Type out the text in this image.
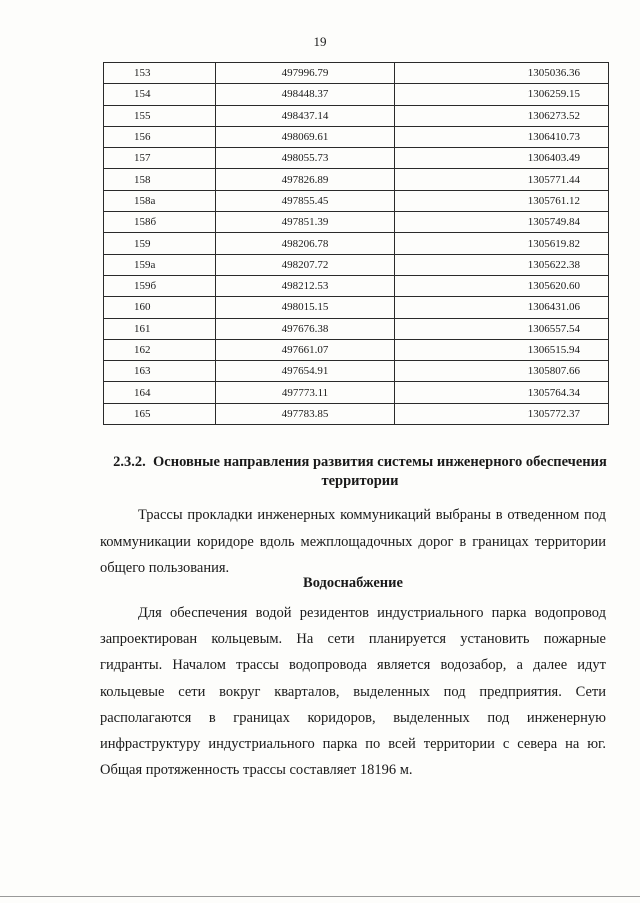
19
153	497996.79	1305036.36
154	498448.37	1306259.15
155	498437.14	1306273.52
156	498069.61	1306410.73
157	498055.73	1306403.49
158	497826.89	1305771.44
158а	497855.45	1305761.12
158б	497851.39	1305749.84
159	498206.78	1305619.82
159а	498207.72	1305622.38
159б	498212.53	1305620.60
160	498015.15	1306431.06
161	497676.38	1306557.54
162	497661.07	1306515.94
163	497654.91	1305807.66
164	497773.11	1305764.34
165	497783.85	1305772.37
2.3.2. Основные направления развития системы инженерного обеспечения территории
Трассы прокладки инженерных коммуникаций выбраны в отведенном под коммуникации коридоре вдоль межплощадочных дорог в границах территории общего пользования.
Водоснабжение
Для обеспечения водой резидентов индустриального парка водопровод запроектирован кольцевым. На сети планируется установить пожарные гидранты. Началом трассы водопровода является водозабор, а далее идут кольцевые сети вокруг кварталов, выделенных под предприятия. Сети располагаются в границах коридоров, выделенных под инженерную инфраструктуру индустриального парка по всей территории с севера на юг. Общая протяженность трассы составляет 18196 м.
